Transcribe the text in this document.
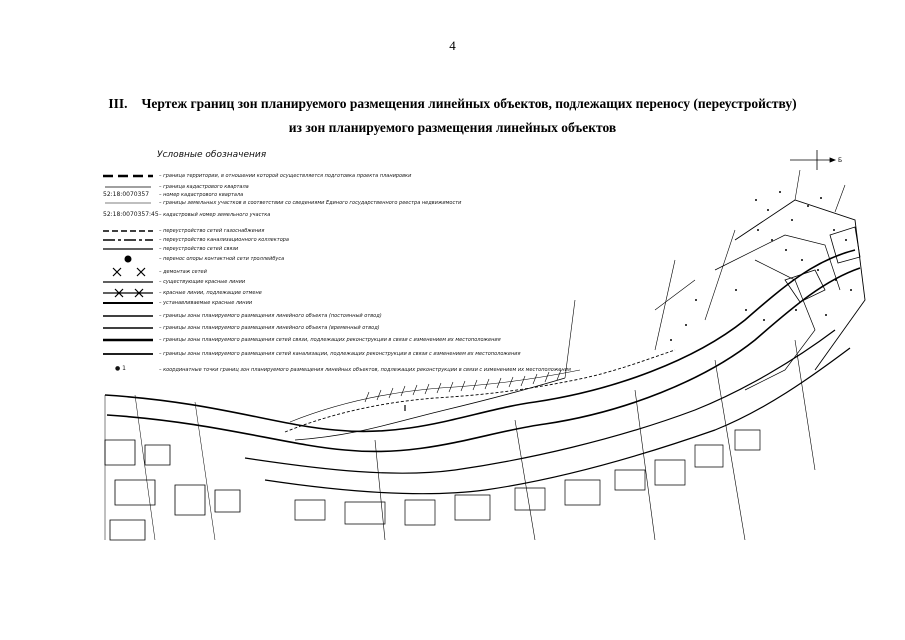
4
III. Чертеж границ зон планируемого размещения линейных объектов, подлежащих переносу (переустройству)
из зон планируемого размещения линейных объектов
Условные обозначения
52:18:0070357
52:18:0070357:45
● 1
– граница территории, в отношении которой осуществляется подготовка проекта планировки
– граница кадастрового квартала
– номер кадастрового квартала
– границы земельных участков в соответствии со сведениями Единого государственного реестра недвижимости
– кадастровый номер земельного участка
– переустройство сетей газоснабжения
– переустройство канализационного коллектора
– переустройство сетей связи
– перенос опоры контактной сети троллейбуса
– демонтаж сетей
– существующие красные линии
– красные линии, подлежащие отмене
– устанавливаемые красные линии
– границы зоны планируемого размещения линейного объекта (постоянный отвод)
– границы зоны планируемого размещения линейного объекта (временный отвод)
– границы зоны планируемого размещения сетей связи, подлежащих реконструкции в связи с изменением их местоположения
– границы зоны планируемого размещения сетей канализации, подлежащих реконструкции в связи с изменением их местоположения
– координатные точки границ зон планируемого размещения линейных объектов, подлежащих реконструкции в связи с изменением их местоположения
Б
